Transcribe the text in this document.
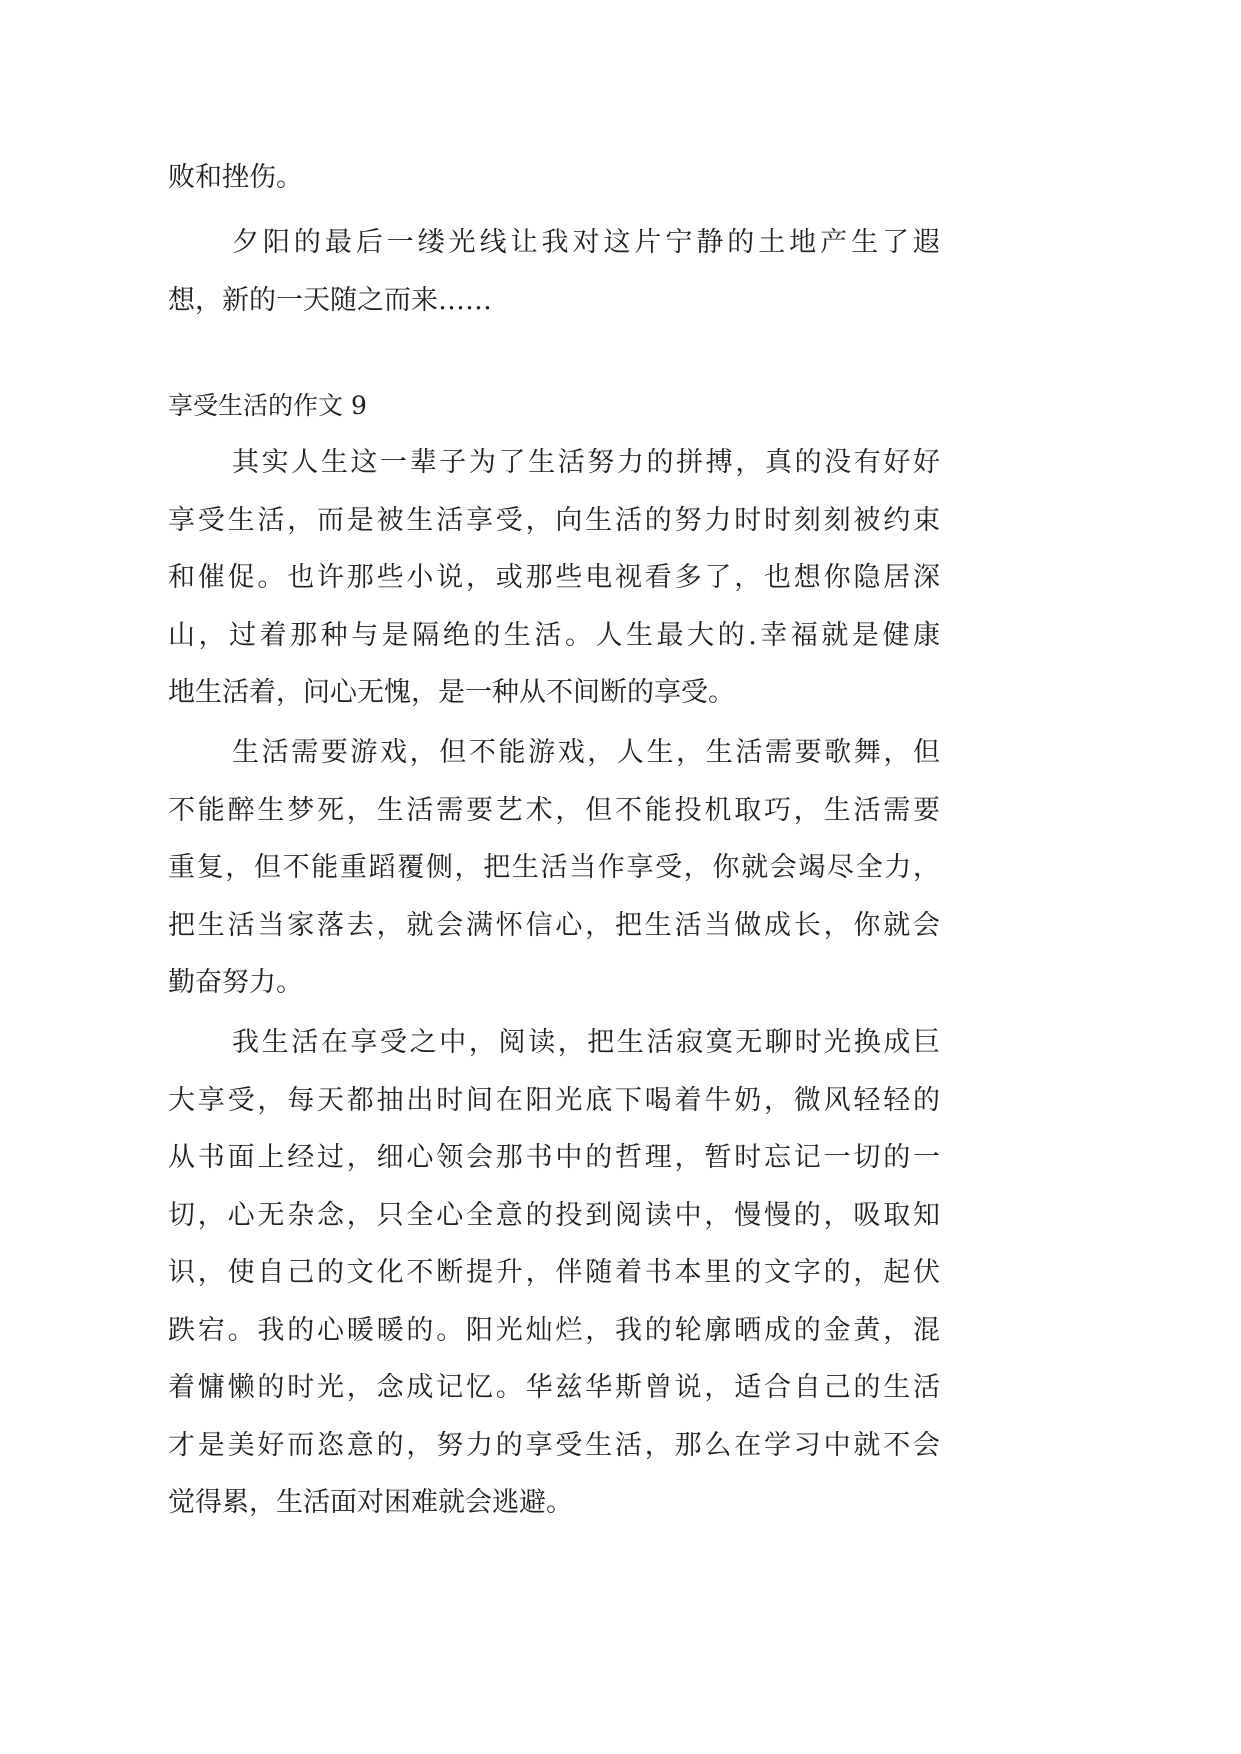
败和挫伤。
夕阳的最后一缕光线让我对这片宁静的土地产生了遐
想，新的一天随之而来……
享受生活的作文 9
其实人生这一辈子为了生活努力的拼搏，真的没有好好
享受生活，而是被生活享受，向生活的努力时时刻刻被约束
和催促。也许那些小说，或那些电视看多了，也想你隐居深
山，过着那种与是隔绝的生活。人生最大的.幸福就是健康
地生活着，问心无愧，是一种从不间断的享受。
生活需要游戏，但不能游戏，人生，生活需要歌舞，但
不能醉生梦死，生活需要艺术，但不能投机取巧，生活需要
重复，但不能重蹈覆侧，把生活当作享受，你就会竭尽全力，
把生活当家落去，就会满怀信心，把生活当做成长，你就会
勤奋努力。
我生活在享受之中，阅读，把生活寂寞无聊时光换成巨
大享受，每天都抽出时间在阳光底下喝着牛奶，微风轻轻的
从书面上经过，细心领会那书中的哲理，暂时忘记一切的一
切，心无杂念，只全心全意的投到阅读中，慢慢的，吸取知
识，使自己的文化不断提升，伴随着书本里的文字的，起伏
跌宕。我的心暖暖的。阳光灿烂，我的轮廓晒成的金黄，混
着慵懒的时光，念成记忆。华兹华斯曾说，适合自己的生活
才是美好而恣意的，努力的享受生活，那么在学习中就不会
觉得累，生活面对困难就会逃避。
